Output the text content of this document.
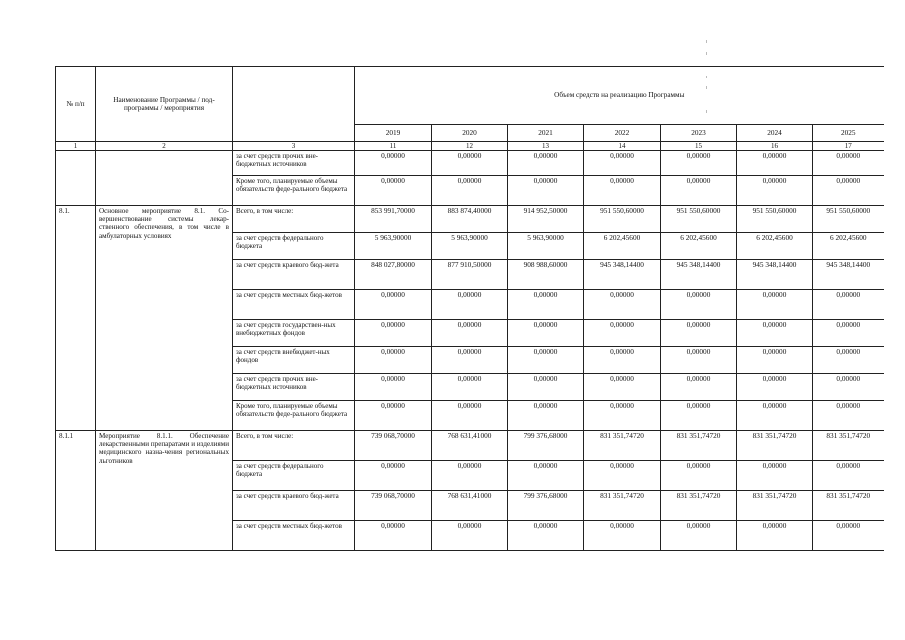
№ п/п	Наименование Программы / под-программы / мероприятия		Объем средств на реализацию Программы						
			2019	2020	2021	2022	2023	2024	2025
1	2	3	11	12	13	14	15	16	17
		за счет средств прочих вне-бюджетных источников	0,00000	0,00000	0,00000	0,00000	0,00000	0,00000	0,00000
		Кроме того, планируемые объемы обязательств феде-рального бюджета	0,00000	0,00000	0,00000	0,00000	0,00000	0,00000	0,00000
8.1.	Основное мероприятие 8.1. Со-вершенствование системы лекар-ственного обеспечения, в том числе в амбулаторных условиях	Всего, в том числе:	853 991,70000	883 874,40000	914 952,50000	951 550,60000	951 550,60000	951 550,60000	951 550,60000
		за счет средств федерального бюджета	5 963,90000	5 963,90000	5 963,90000	6 202,45600	6 202,45600	6 202,45600	6 202,45600
		за счет средств краевого бюд-жета	848 027,80000	877 910,50000	908 988,60000	945 348,14400	945 348,14400	945 348,14400	945 348,14400
		за счет средств местных бюд-жетов	0,00000	0,00000	0,00000	0,00000	0,00000	0,00000	0,00000
		за счет средств государствен-ных внебюджетных фондов	0,00000	0,00000	0,00000	0,00000	0,00000	0,00000	0,00000
		за счет средств внебюджет-ных фондов	0,00000	0,00000	0,00000	0,00000	0,00000	0,00000	0,00000
		за счет средств прочих вне-бюджетных источников	0,00000	0,00000	0,00000	0,00000	0,00000	0,00000	0,00000
		Кроме того, планируемые объемы обязательств феде-рального бюджета	0,00000	0,00000	0,00000	0,00000	0,00000	0,00000	0,00000
8.1.1	Мероприятие 8.1.1. Обеспечение лекарственными препаратами и изделиями медицинского назна-чения региональных льготников	Всего, в том числе:	739 068,70000	768 631,41000	799 376,68000	831 351,74720	831 351,74720	831 351,74720	831 351,74720
		за счет средств федерального бюджета	0,00000	0,00000	0,00000	0,00000	0,00000	0,00000	0,00000
		за счет средств краевого бюд-жета	739 068,70000	768 631,41000	799 376,68000	831 351,74720	831 351,74720	831 351,74720	831 351,74720
		за счет средств местных бюд-жетов	0,00000	0,00000	0,00000	0,00000	0,00000	0,00000	0,00000
